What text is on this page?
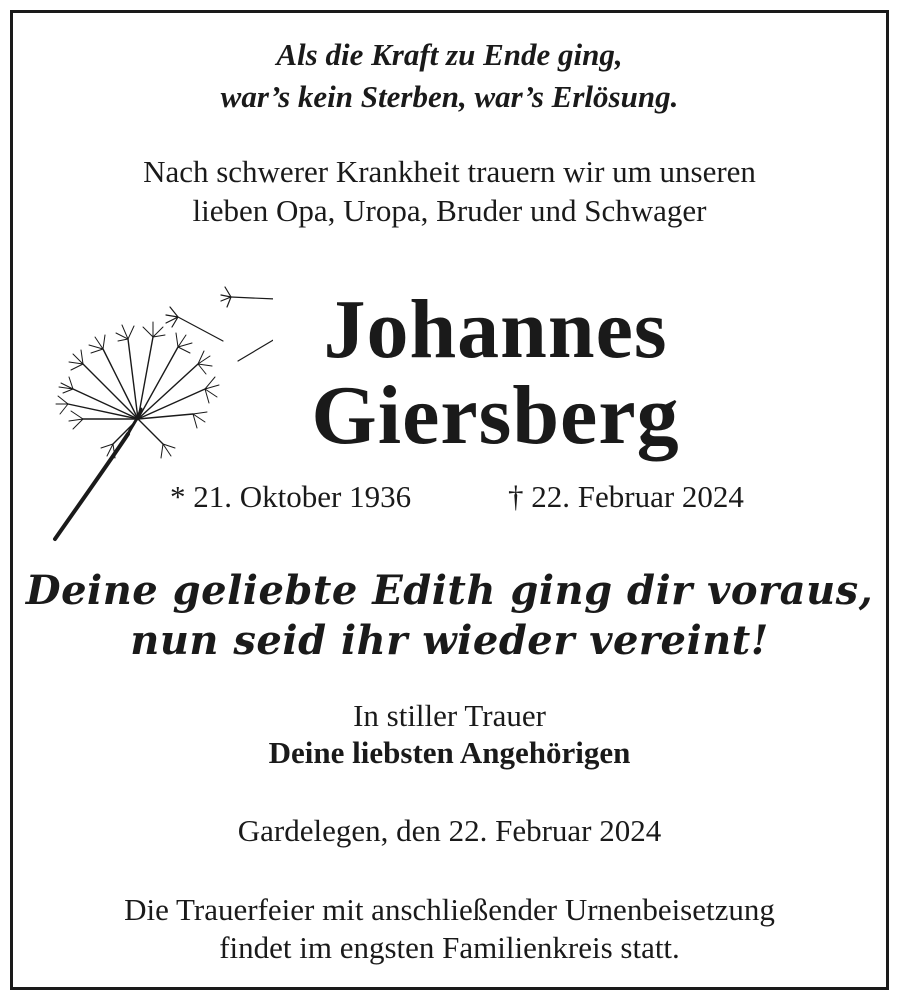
Als die Kraft zu Ende ging,
war’s kein Sterben, war’s Erlösung.
Nach schwerer Krankheit trauern wir um unseren
lieben Opa, Uropa, Bruder und Schwager
Johannes
Giersberg
* 21. Oktober 1936	† 22. Februar 2024
Deine geliebte Edith ging dir voraus,
nun seid ihr wieder vereint!
In stiller Trauer
Deine liebsten Angehörigen
Gardelegen, den 22. Februar 2024
Die Trauerfeier mit anschließender Urnenbeisetzung
findet im engsten Familienkreis statt.
